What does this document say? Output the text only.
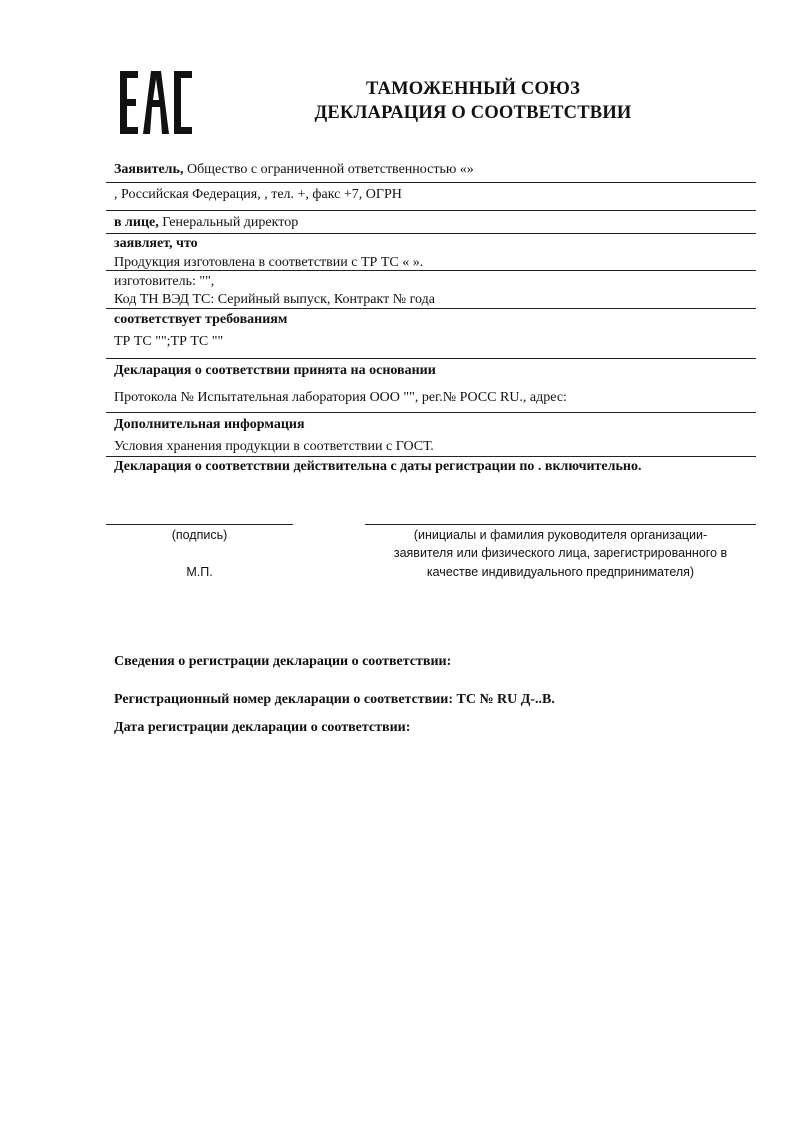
ТАМОЖЕННЫЙ СОЮЗ
ДЕКЛАРАЦИЯ О СООТВЕТСТВИИ
Заявитель, Общество с ограниченной ответственностью «»
, Российская Федерация, , тел. +, факс +7, ОГРН
в лице, Генеральный директор
заявляет, что
Продукция изготовлена в соответствии с ТР ТС « ».
изготовитель: "",
Код ТН ВЭД ТС: Серийный выпуск, Контракт № года
соответствует требованиям
ТР ТС "";ТР ТС ""
Декларация о соответствии принята на основании
Протокола № Испытательная лаборатория ООО "", рег.№ РОСС RU., адрес:
Дополнительная информация
Условия хранения продукции в соответствии с ГОСТ.
Декларация о соответствии действительна с даты регистрации по . включительно.
(подпись)
М.П.
(инициалы и фамилия руководителя организации-
заявителя или физического лица, зарегистрированного в
качестве индивидуального предпринимателя)
Сведения о регистрации декларации о соответствии:
Регистрационный номер декларации о соответствии: ТС № RU Д-..В.
Дата регистрации декларации о соответствии:
